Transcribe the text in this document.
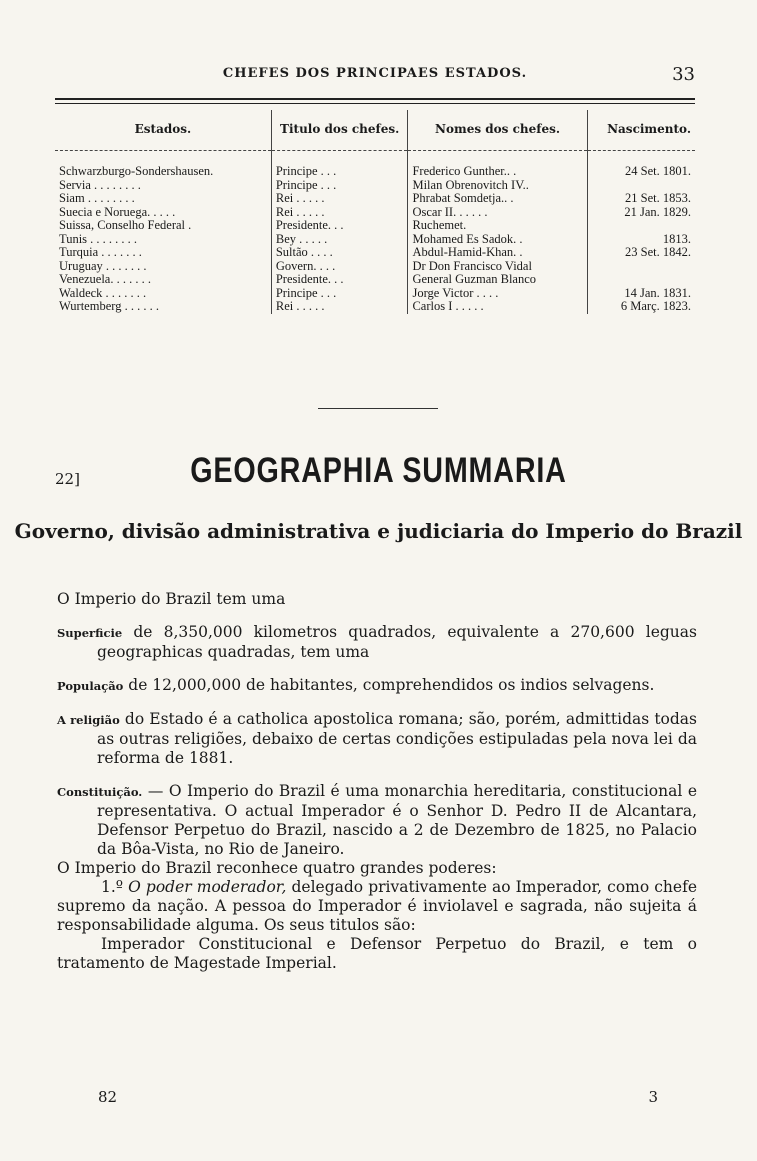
CHEFES DOS PRINCIPAES ESTADOS.	33
Estados.	Titulo dos chefes.	Nomes dos chefes.	Nascimento.
Schwarzburgo-Sondershausen.	Principe . . .	Frederico Gunther.. .	24 Set. 1801.
Servia . . . . . . . .	Principe . . .	Milan Obrenovitch IV..	
Siam . . . . . . . .	Rei . . . . .	Phrabat Somdetja.. .	21 Set. 1853.
Suecia e Noruega. . . . .	Rei . . . . .	Oscar II. . . . . .	21 Jan. 1829.
Suissa, Conselho Federal .	Presidente. . .	Ruchemet.	
Tunis . . . . . . . .	Bey . . . . .	Mohamed Es Sadok. .	1813.
Turquia . . . . . . .	Sultão . . . .	Abdul-Hamid-Khan. .	23 Set. 1842.
Uruguay . . . . . . .	Govern. . . .	Dr Don Francisco Vidal	
Venezuela. . . . . . .	Presidente. . .	General Guzman Blanco	
Waldeck . . . . . . .	Principe . . .	Jorge Victor . . . .	14 Jan. 1831.
Wurtemberg . . . . . .	Rei . . . . .	Carlos I . . . . .	6 Març. 1823.
22]	GEOGRAPHIA SUMMARIA
Governo, divisão administrativa e judiciaria do Imperio do Brazil

O Imperio do Brazil tem uma

Superficie de 8,350,000 kilometros quadrados, equivalente a 270,600 leguas geographicas quadradas, tem uma

População de 12,000,000 de habitantes, comprehendidos os indios selvagens.

A religião do Estado é a catholica apostolica romana; são, porém, admittidas todas as outras religiões, debaixo de certas condições estipuladas pela nova lei da reforma de 1881.

Constituição. — O Imperio do Brazil é uma monarchia hereditaria, constitucional e representativa. O actual Imperador é o Senhor D. Pedro II de Alcantara, Defensor Perpetuo do Brazil, nascido a 2 de Dezembro de 1825, no Palacio da Bôa-Vista, no Rio de Janeiro.

O Imperio do Brazil reconhece quatro grandes poderes:

1.º O poder moderador, delegado privativamente ao Imperador, como chefe supremo da nação. A pessoa do Imperador é inviolavel e sagrada, não sujeita á responsabilidade alguma. Os seus titulos são:

Imperador Constitucional e Defensor Perpetuo do Brazil, e tem o tratamento de Magestade Imperial.

82	3
